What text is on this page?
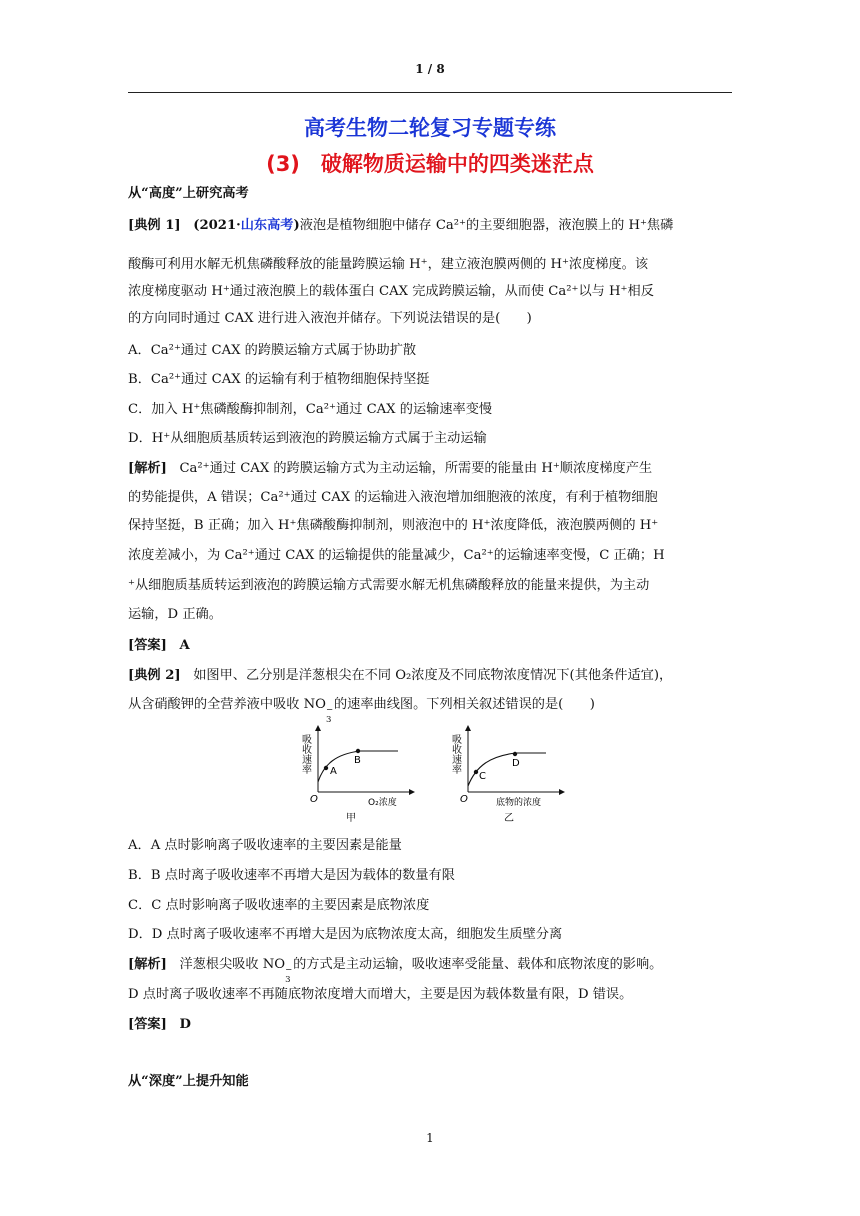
1 / 8
高考生物二轮复习专题专练
(3)　破解物质运输中的四类迷茫点
从“高度”上研究高考
[典例 1] (2021·山东高考)液泡是植物细胞中储存 Ca²⁺的主要细胞器，液泡膜上的 H⁺焦磷
酸酶可利用水解无机焦磷酸释放的能量跨膜运输 H⁺，建立液泡膜两侧的 H⁺浓度梯度。该
浓度梯度驱动 H⁺通过液泡膜上的载体蛋白 CAX 完成跨膜运输，从而使 Ca²⁺以与 H⁺相反
的方向同时通过 CAX 进行进入液泡并储存。下列说法错误的是(　　)
A．Ca²⁺通过 CAX 的跨膜运输方式属于协助扩散
B．Ca²⁺通过 CAX 的运输有利于植物细胞保持坚挺
C．加入 H⁺焦磷酸酶抑制剂，Ca²⁺通过 CAX 的运输速率变慢
D．H⁺从细胞质基质转运到液泡的跨膜运输方式属于主动运输
[解析] Ca²⁺通过 CAX 的跨膜运输方式为主动运输，所需要的能量由 H⁺顺浓度梯度产生
的势能提供，A 错误；Ca²⁺通过 CAX 的运输进入液泡增加细胞液的浓度，有利于植物细胞
保持坚挺，B 正确；加入 H⁺焦磷酸酶抑制剂，则液泡中的 H⁺浓度降低，液泡膜两侧的 H⁺
浓度差减小，为 Ca²⁺通过 CAX 的运输提供的能量减少，Ca²⁺的运输速率变慢，C 正确；H
⁺从细胞质基质转运到液泡的跨膜运输方式需要水解无机焦磷酸释放的能量来提供，为主动
运输，D 正确。
[答案] A
[典例 2] 如图甲、乙分别是洋葱根尖在不同 O₂浓度及不同底物浓度情况下(其他条件适宜)，
从含硝酸钾的全营养液中吸收 NO −
3
的速率曲线图。下列相关叙述错误的是(　　)
吸收速率 A
B
O	O₂浓度
甲
吸收速率
C
D
O	底物的浓度
乙
A．A 点时影响离子吸收速率的主要因素是能量
B．B 点时离子吸收速率不再增大是因为载体的数量有限
C．C 点时影响离子吸收速率的主要因素是底物浓度
D．D 点时离子吸收速率不再增大是因为底物浓度太高，细胞发生质壁分离
[解析] 洋葱根尖吸收 NO −
3
的方式是主动运输，吸收速率受能量、载体和底物浓度的影响。
D 点时离子吸收速率不再随底物浓度增大而增大，主要是因为载体数量有限，D 错误。
[答案] D
从“深度”上提升知能
1
